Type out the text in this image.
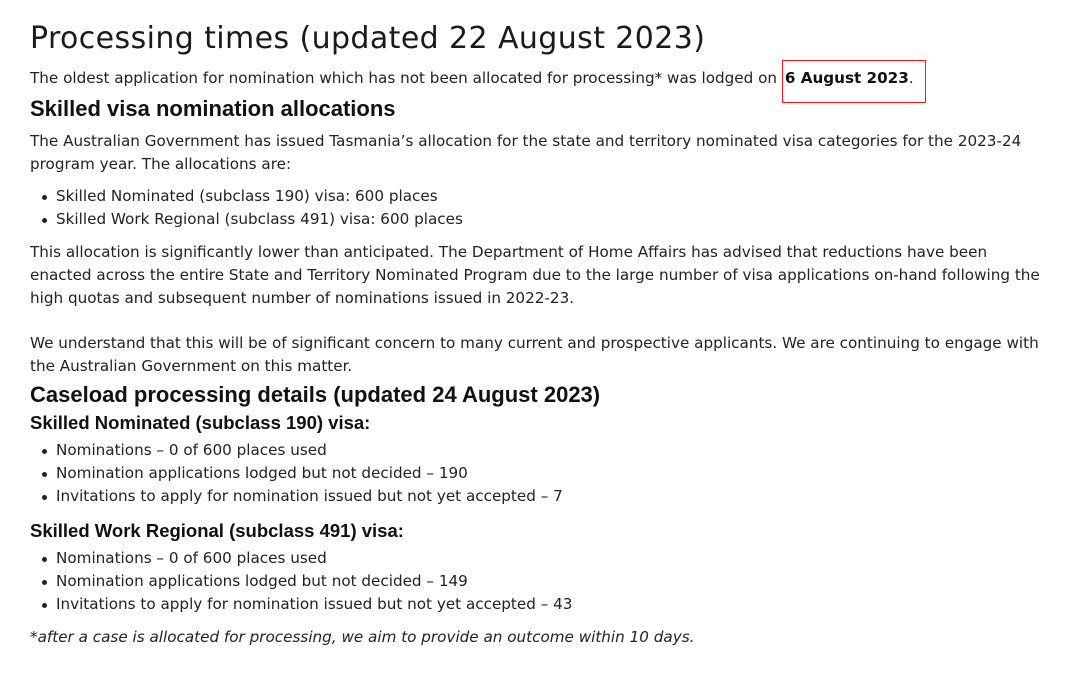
Processing times (updated 22 August 2023)

The oldest application for nomination which has not been allocated for processing* was lodged on 6 August 2023.

Skilled visa nomination allocations

The Australian Government has issued Tasmania’s allocation for the state and territory nominated visa categories for the 2023-24 program year. The allocations are:

Skilled Nominated (subclass 190) visa: 600 places
Skilled Work Regional (subclass 491) visa: 600 places

This allocation is significantly lower than anticipated. The Department of Home Affairs has advised that reductions have been enacted across the entire State and Territory Nominated Program due to the large number of visa applications on-hand following the high quotas and subsequent number of nominations issued in 2022-23.

We understand that this will be of significant concern to many current and prospective applicants. We are continuing to engage with the Australian Government on this matter.

Caseload processing details (updated 24 August 2023)
Skilled Nominated (subclass 190) visa:
Nominations – 0 of 600 places used
Nomination applications lodged but not decided – 190
Invitations to apply for nomination issued but not yet accepted – 7
Skilled Work Regional (subclass 491) visa:
Nominations – 0 of 600 places used
Nomination applications lodged but not decided – 149
Invitations to apply for nomination issued but not yet accepted – 43

*after a case is allocated for processing, we aim to provide an outcome within 10 days.
